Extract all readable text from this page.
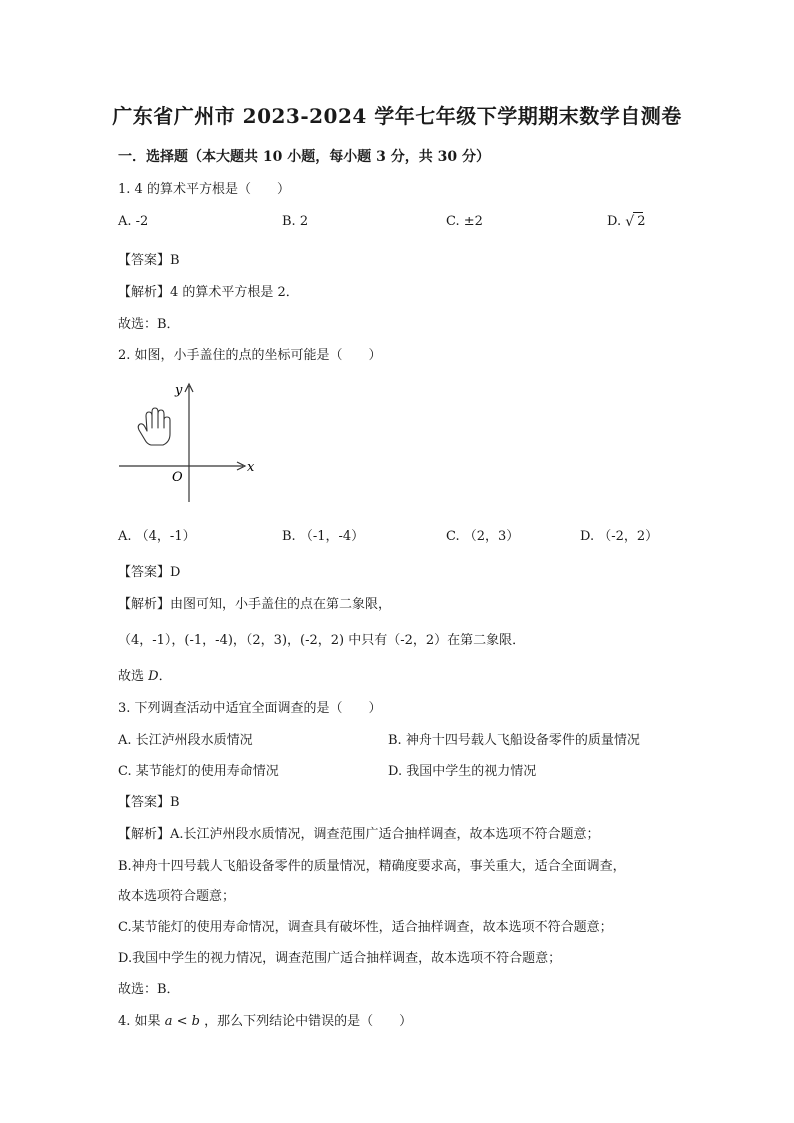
广东省广州市 2023-2024 学年七年级下学期期末数学自测卷
一．选择题（本大题共 10 小题，每小题 3 分，共 30 分）
1. 4 的算术平方根是（　　）
A. -2	B. 2	C. ±2	D. √ 2
【答案】B
【解析】4 的算术平方根是 2．
故选：B．
2. 如图，小手盖住的点的坐标可能是（　　）
y
x
O
A. （4，-1）	B. （-1，-4）	C. （2，3）	D. （-2，2）
【答案】D
【解析】由图可知，小手盖住的点在第二象限，
（4，-1），(-1，-4)，（2，3)，(-2，2) 中只有（-2，2）在第二象限．
故选 D．
3. 下列调查活动中适宜全面调查的是（　　）
A. 长江泸州段水质情况	B. 神舟十四号载人飞船设备零件的质量情况
C. 某节能灯的使用寿命情况	D. 我国中学生的视力情况
【答案】B
【解析】A.长江泸州段水质情况，调查范围广适合抽样调查，故本选项不符合题意；
B.神舟十四号载人飞船设备零件的质量情况，精确度要求高，事关重大，适合全面调查，
故本选项符合题意；
C.某节能灯的使用寿命情况，调查具有破坏性，适合抽样调查，故本选项不符合题意；
D.我国中学生的视力情况，调查范围广适合抽样调查，故本选项不符合题意；
故选：B．
4. 如果 a < b ，那么下列结论中错误的是（　　）
